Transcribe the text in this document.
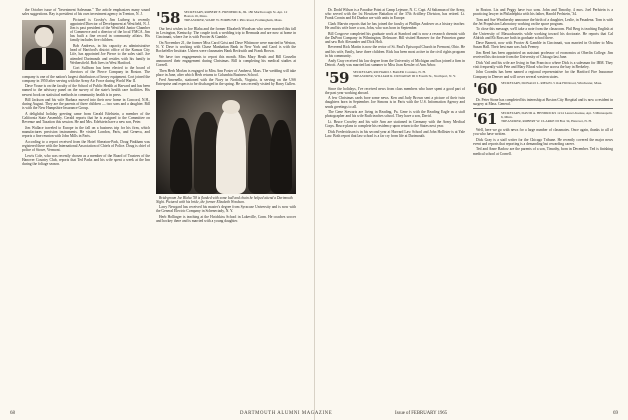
the October issue of "Investment Salesman." The article emphasizes many sound sales suggestions. Ray is president of his own investment agency in Trenton, N. J.

Pictured is Crosby's Jim Lutberg is recently appointed Director of Development at Westfield, N. J. Jim is past president of the Westfield Junior Chamber of Commerce and a director of the local YMCA. Jim has built a fine record in community affairs. His family includes five children.

Bob Andrews, in his capacity as administrative head of Hartford's district office of the Kansas City Life, has appointed Joe Pierce to the sales staff. Joe attended Dartmouth and resides with his family in Wethersfield. Bob lives in West Hartford.

Cort Sullivan has been elected to the board of directors of the Pierce Company in Boston. The company is one of the nation's largest distributors of heavy equipment. Cort joined the company in 1950 after serving with the Army Air Force during World War II.

Dave Youse is on the faculty of the School of Public Health at Harvard and has been named to the advisory panel on the survey of the state's health care facilities. His newest book on statistical methods in community health is in press.

Bill Jackson and his wife Barbara moved into their new home in Concord, N.H., during August. They are the parents of three children — two sons and a daughter. Bill is with the New Hampshire Insurance Group.

A delightful holiday greeting came from Gerald Edelstein, a member of the California State Assembly. Gerald reports that he is assigned to the Committee on Revenue and Taxation this session. He and Mrs. Edelstein have a new son, Peter.

Jim Wallace traveled to Europe in the fall on a business trip for his firm, which manufactures precision instruments. He visited London, Paris, and Geneva, and reports a fine reunion with John Mills in Paris.

According to a report received from the Hotel Sheraton-Park, Doug Pinkham was registered there with the International Association of Chiefs of Police. Doug is chief of police of Stowe, Vermont.

Lewis Cole, who was recently chosen as a member of the Board of Trustees of the Hanover Country Club, reports that Ted Parks and his wife spent a week at the Inn during the foliage season.

'58 SECRETARY, ROBERT E. FREDERICK, JR. 180 Marlborough St. Apt. 12 Boston 16, Mass.
TREASURER, WADE W. FORBUSH 1 Pitts Road, Framingham, Mass.

Our best wishes to Joe Blaha and the former Elizabeth Woodson who were married this fall in Lexington, Kentucky. The couple took a wedding trip to Bermuda and are now at home in Cincinnati, where Joe is with Procter & Gamble.

On November 21, the former Miss Carol Grist and Dave Whitmore were married in Weston, N. Y. Dave is working with Chase Manhattan Bank in New York and Carol is with the Rockefeller Institute. Ushers were classmates Hank Beckwith and Frank Brown.

We have two engagements to report this month. Miss Mary Heath and Bill Gosselin announced their engagement during Christmas. Bill is completing his medical studies at Cornell.

Then Herb Morlan is engaged to Miss Ann Foster of Amherst, Mass. The wedding will take place in June, after which Herb returns to Columbia Business School.

Fred Amenello, stationed with the Navy in Norfolk, Virginia, is serving on the USS Enterprise and expects to be discharged in the spring. He was recently visited by Barry Cullen.

Bridegroom Joe Blaha '58 is flanked with some ball and chain he helped attend a Dartmouth Night. Pictured with his bride, the former Elizabeth Woodson.

Larry Newgard has received his master's degree from Syracuse University and is now with the General Electric Company in Schenectady, N. Y.

Herb Hollinger is teaching at the Hotchkiss School in Lakeville, Conn. He coaches soccer and hockey there and is married with a young daughter.

Dr. Dodd Wilson is a Paradise Point at Camp Lejeune, N. C. Capt. Al Saltzman of the Army, who served with the 1st Howitzer Battalion of the 37th Artillery Division, has retired. Lt. Frank Cronin and Ed Dunbar are with units in Europe.

Clark Marvin reports that he has joined the faculty at Phillips Andover as a history teacher. He and his wife have a son, John, who was born in September.

Bill Cosgrove completed his graduate work at Stanford and is now a research chemist with the DuPont Company in Wilmington, Delaware. Bill visited Hanover for the Princeton game and saw Bob Alexander and Dick Holt.

Reverend Rick Martin is now the rector of St. Paul's Episcopal Church in Fremont, Ohio. He and his wife, Emily, have three children. Rick has been most active in the civil rights program in his community.

Andy Gray received his law degree from the University of Michigan and has joined a firm in Detroit. Andy was married last summer to Miss Joan Kessler of Ann Arbor.

'59 SECRETARY, RICHARD J. BAKER Corunna, N. H.
TREASURER, WILLIAM R. DUNAWAY III 6 Fourth St., Northport, N. Y.

Since the holidays, I've received news from class members who have spent a good part of the past year working abroad.

A few Christmas cards bore some news. Ken and Judy Brown sent a picture of their twin daughters born in September. Joe Simons is in Paris with the U.S. Information Agency and sends greetings to all.

The Gene Stewarts are living in Reading, Pa. Gene is with the Reading Eagle as a staff photographer and his wife Ruth teaches school. They have a son, David.

Lt. Bruce Crowley and his wife Ann are stationed in Germany with the Army Medical Corps. Bruce plans to complete his residency upon return to the States next year.

Dick Frederickson is in his second year at Harvard Law School and John Hollister is at Yale Law. Both report that law school is a far cry from life at Dartmouth.

in Boston. Liz and Peggy have two sons. John and Timothy, 4 mos. Joel Perlstein is a practicing lawyer in Philadelphia with his father, Harold Perlstein, '34.

Tom and Sue Weathersby announce the birth of a daughter, Leslie, in Pasadena. Tom is with the Jet Propulsion Laboratory working on the space program.

To close this message, we'll take a note from the classroom. Phil Berg is teaching English at the University of Massachusetts while working toward his doctorate. He reports that Cal Aldrich and Eb Ross are both in graduate school there.

Dave Barnett, now with Procter & Gamble in Cincinnati, was married in October to Miss Susan Hall. Their best man was Jack Feeney.

Jim Reed has been appointed an assistant professor of economics at Oberlin College. Jim received his doctorate from the University of Chicago last June.

Dick Vail and his wife are living in San Francisco where Dick is a salesman for IBM. They visit frequently with Pete and Mary Blood who live across the bay in Berkeley.

John Coombs has been named a regional representative for the Hartford Fire Insurance Company in Denver and will cover several western states.

'60 SECRETARY, DONALD L. RIEGEL 5 Oak Hill Road, Winchester, Mass.

Dr. Peter Stone has completed his internship at Boston City Hospital and is now a resident in surgery at Mass. General.

'61 SECRETARY, DAVID A. HENDRICKS 1214 Laurel Avenue, Apt. 3 Minneapolis 6, Minn.
TREASURER, ROBERT W. CLARKE III Box 34, Hanover, N. H.

Well, here we go with news for a large number of classmates. Once again, thanks to all of you who have written.

Dick Gray is a staff writer for the Chicago Tribune. He recently covered the major news event and reports that reporting is a demanding but rewarding career.

Ted and Anne Barlow are the parents of a son, Timothy, born in December. Ted is finishing medical school at Cornell.

68	DARTMOUTH ALUMNI MAGAZINE	Issue of FEBRUARY 1965	69
